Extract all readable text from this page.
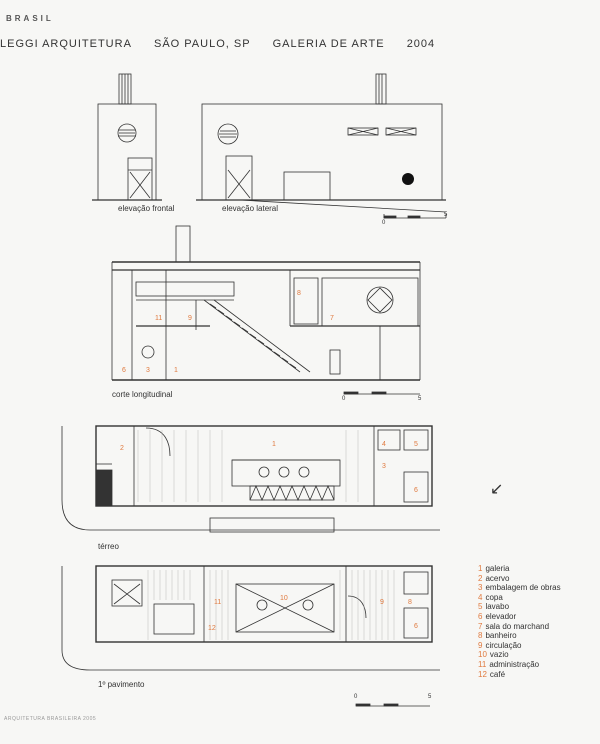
BRASIL
LEGGI ARQUITETURA SÃO PAULO, SP GALERIA DE ARTE 2004
1
3
6
11	9
8
7
2
1	4	5
3
6
10
11
12
9	8
6
↙
elevação frontal	elevação lateral
corte longitudinal
térreo
1º pavimento
0
5
0	5
0	5
1 galeria
2 acervo
3 embalagem de obras
4 copa
5 lavabo
6 elevador
7 sala do marchand
8 banheiro
9 circulação
10 vazio
11 administração
12 café
ARQUITETURA BRASILEIRA 2005
